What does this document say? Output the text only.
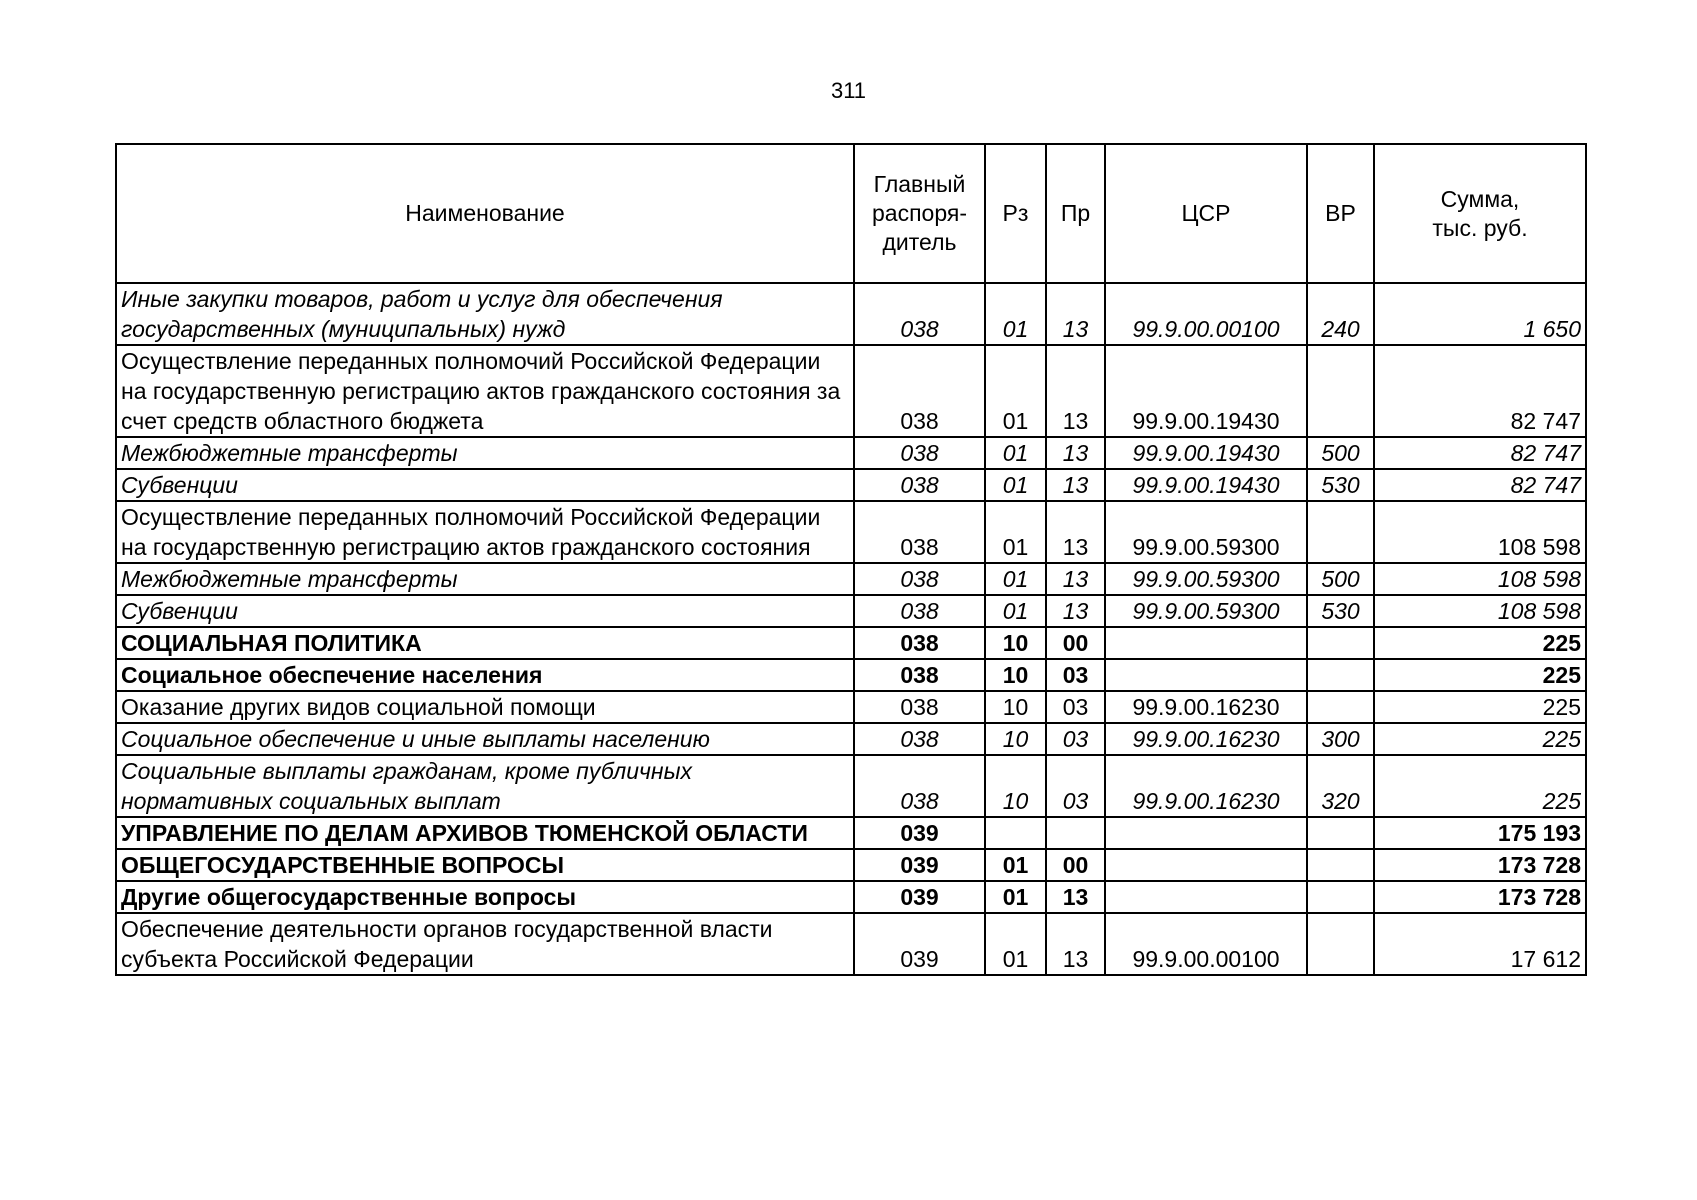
311
Наименование	Главный распоря-дитель	Рз	Пр	ЦСР	ВР	Сумма, тыс. руб.
Иные закупки товаров, работ и услуг для обеспечения государственных (муниципальных) нужд	038	01	13	99.9.00.00100	240	1 650
Осуществление переданных полномочий Российской Федерации на государственную регистрацию актов гражданского состояния за счет средств областного бюджета	038	01	13	99.9.00.19430		82 747
Межбюджетные трансферты	038	01	13	99.9.00.19430	500	82 747
Субвенции	038	01	13	99.9.00.19430	530	82 747
Осуществление переданных полномочий Российской Федерации на государственную регистрацию актов гражданского состояния	038	01	13	99.9.00.59300		108 598
Межбюджетные трансферты	038	01	13	99.9.00.59300	500	108 598
Субвенции	038	01	13	99.9.00.59300	530	108 598
СОЦИАЛЬНАЯ ПОЛИТИКА	038	10	00			225
Социальное обеспечение населения	038	10	03			225
Оказание других видов социальной помощи	038	10	03	99.9.00.16230		225
Социальное обеспечение и иные выплаты населению	038	10	03	99.9.00.16230	300	225
Социальные выплаты гражданам, кроме публичных нормативных социальных выплат	038	10	03	99.9.00.16230	320	225
УПРАВЛЕНИЕ ПО ДЕЛАМ АРХИВОВ ТЮМЕНСКОЙ ОБЛАСТИ	039					175 193
ОБЩЕГОСУДАРСТВЕННЫЕ ВОПРОСЫ	039	01	00			173 728
Другие общегосударственные вопросы	039	01	13			173 728
Обеспечение деятельности органов государственной власти субъекта Российской Федерации	039	01	13	99.9.00.00100		17 612
